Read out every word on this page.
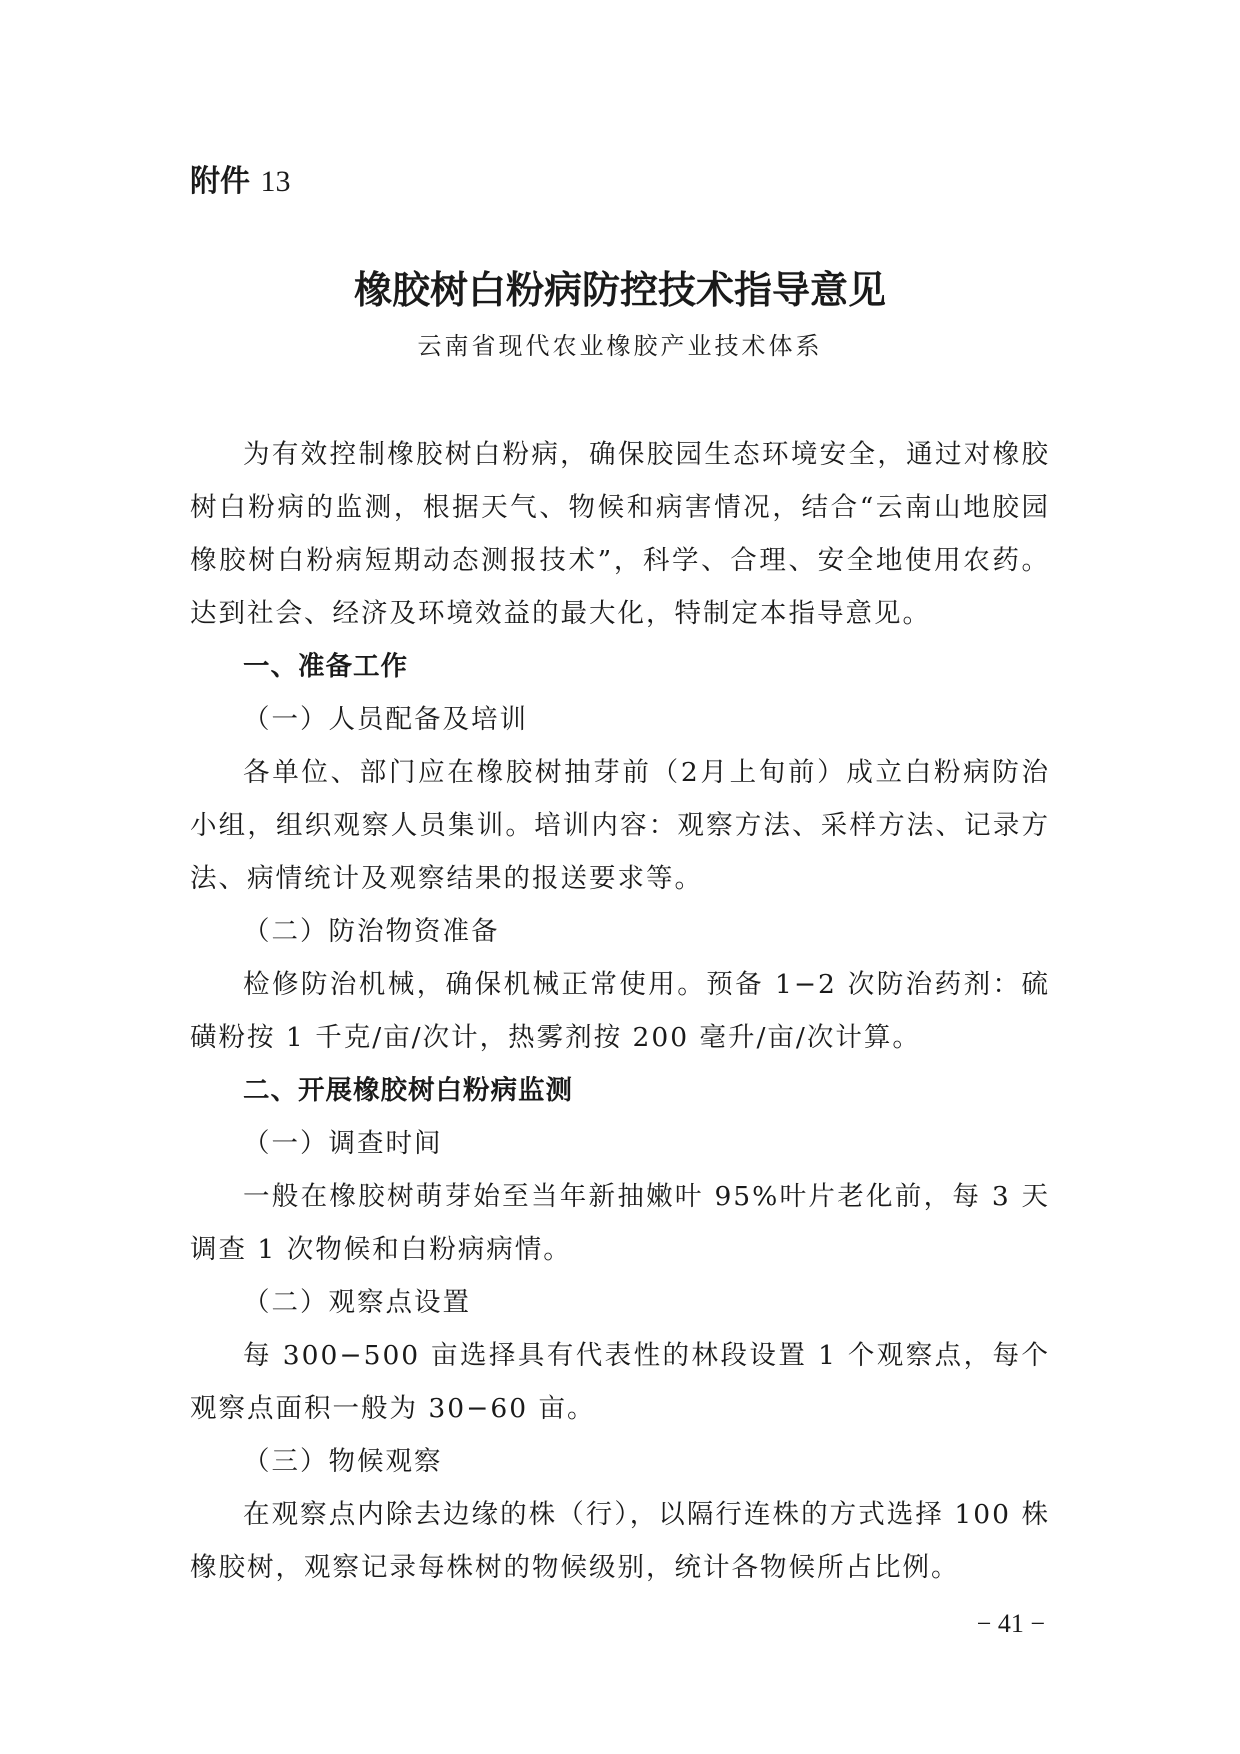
附件 13

橡胶树白粉病防控技术指导意见

云南省现代农业橡胶产业技术体系

为有效控制橡胶树白粉病，确保胶园生态环境安全，通过对橡胶树白粉病的监测，根据天气、物候和病害情况，结合“云南山地胶园橡胶树白粉病短期动态测报技术”，科学、合理、安全地使用农药。达到社会、经济及环境效益的最大化，特制定本指导意见。

一、准备工作

（一）人员配备及培训

各单位、部门应在橡胶树抽芽前（2月上旬前）成立白粉病防治小组，组织观察人员集训。培训内容：观察方法、采样方法、记录方法、病情统计及观察结果的报送要求等。

（二）防治物资准备

检修防治机械，确保机械正常使用。预备 1−2 次防治药剂：硫磺粉按 1 千克/亩/次计，热雾剂按 200 毫升/亩/次计算。

二、开展橡胶树白粉病监测

（一）调查时间

一般在橡胶树萌芽始至当年新抽嫩叶 95%叶片老化前，每 3 天调查 1 次物候和白粉病病情。

（二）观察点设置

每 300−500 亩选择具有代表性的林段设置 1 个观察点，每个观察点面积一般为 30−60 亩。

（三）物候观察

在观察点内除去边缘的株（行），以隔行连株的方式选择 100 株橡胶树，观察记录每株树的物候级别，统计各物候所占比例。

− 41 −
